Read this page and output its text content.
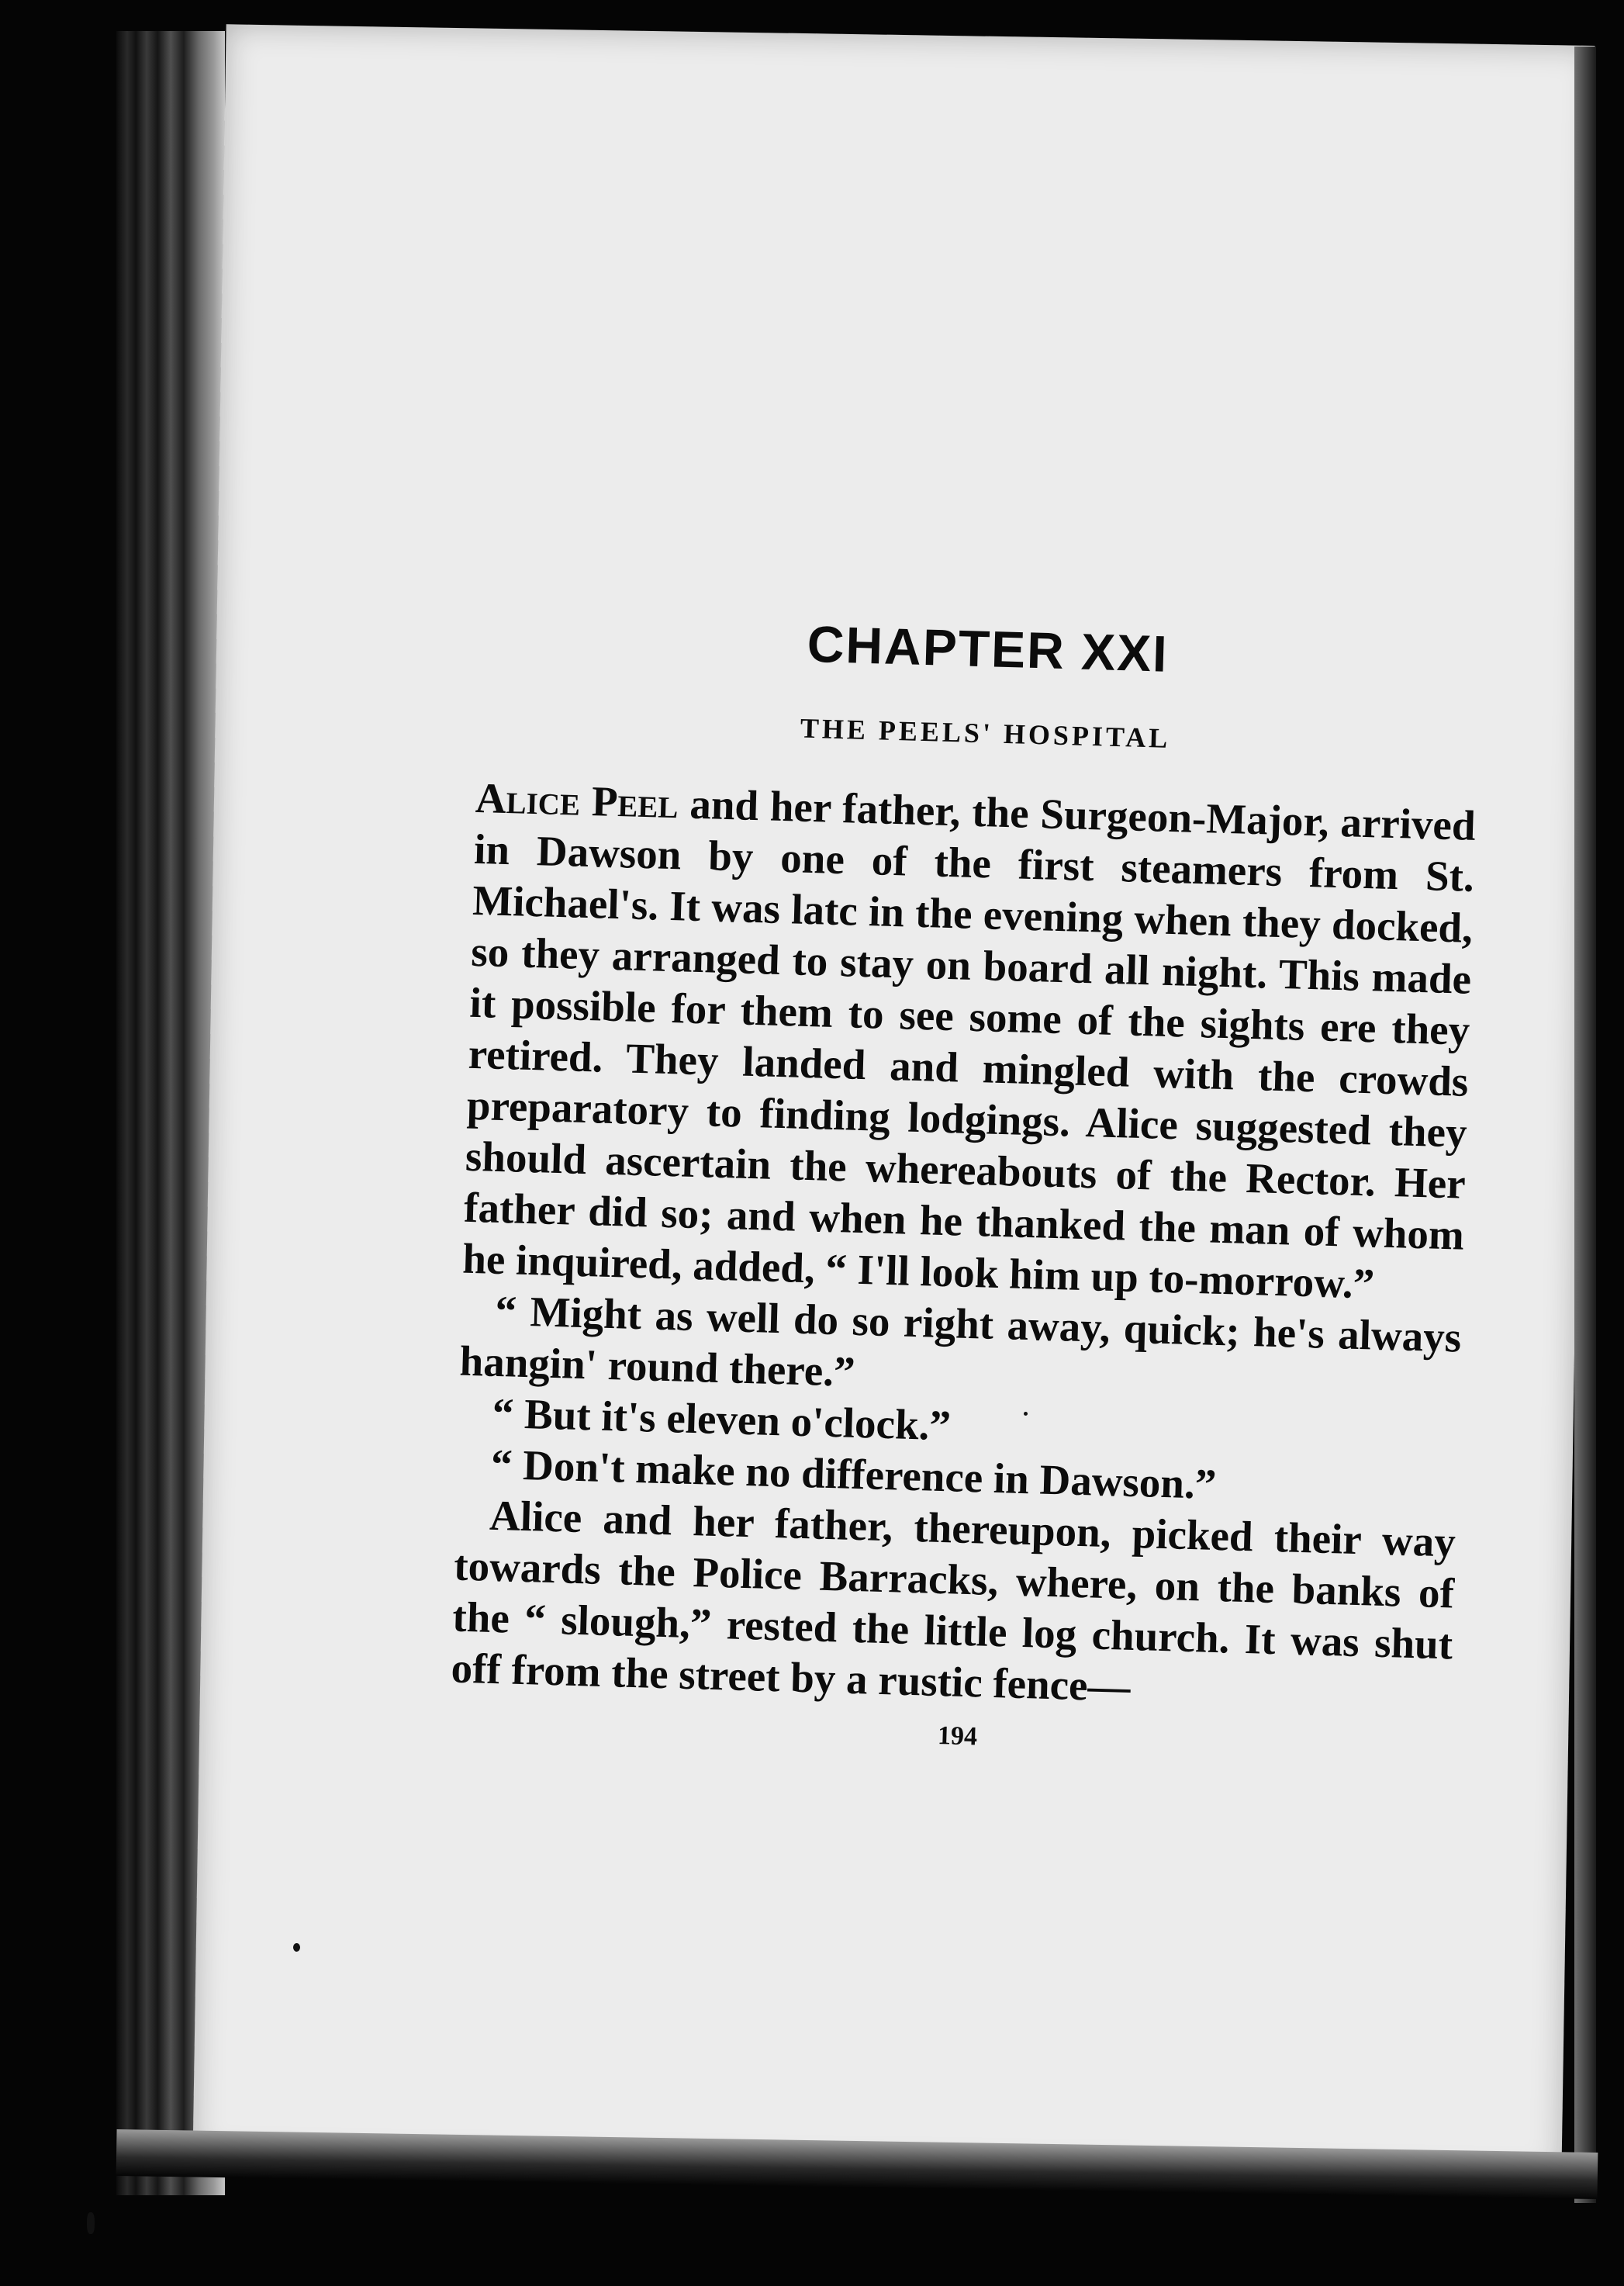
CHAPTER XXI
THE PEELS' HOSPITAL

Alice Peel and her father, the Surgeon-Major, arrived in Dawson by one of the first steamers from St. Michael's. It was latc in the evening when they docked, so they arranged to stay on board all night. This made it possible for them to see some of the sights ere they retired. They landed and mingled with the crowds preparatory to finding lodgings. Alice suggested they should ascertain the whereabouts of the Rector. Her father did so; and when he thanked the man of whom he inquired, added, “ I'll look him up to-morrow.”

“ Might as well do so right away, quick; he's always hangin' round there.”

“ But it's eleven o'clock.”

“ Don't make no difference in Dawson.”

Alice and her father, thereupon, picked their way towards the Police Barracks, where, on the banks of the “ slough,” rested the little log church. It was shut off from the street by a rustic fence—

194
